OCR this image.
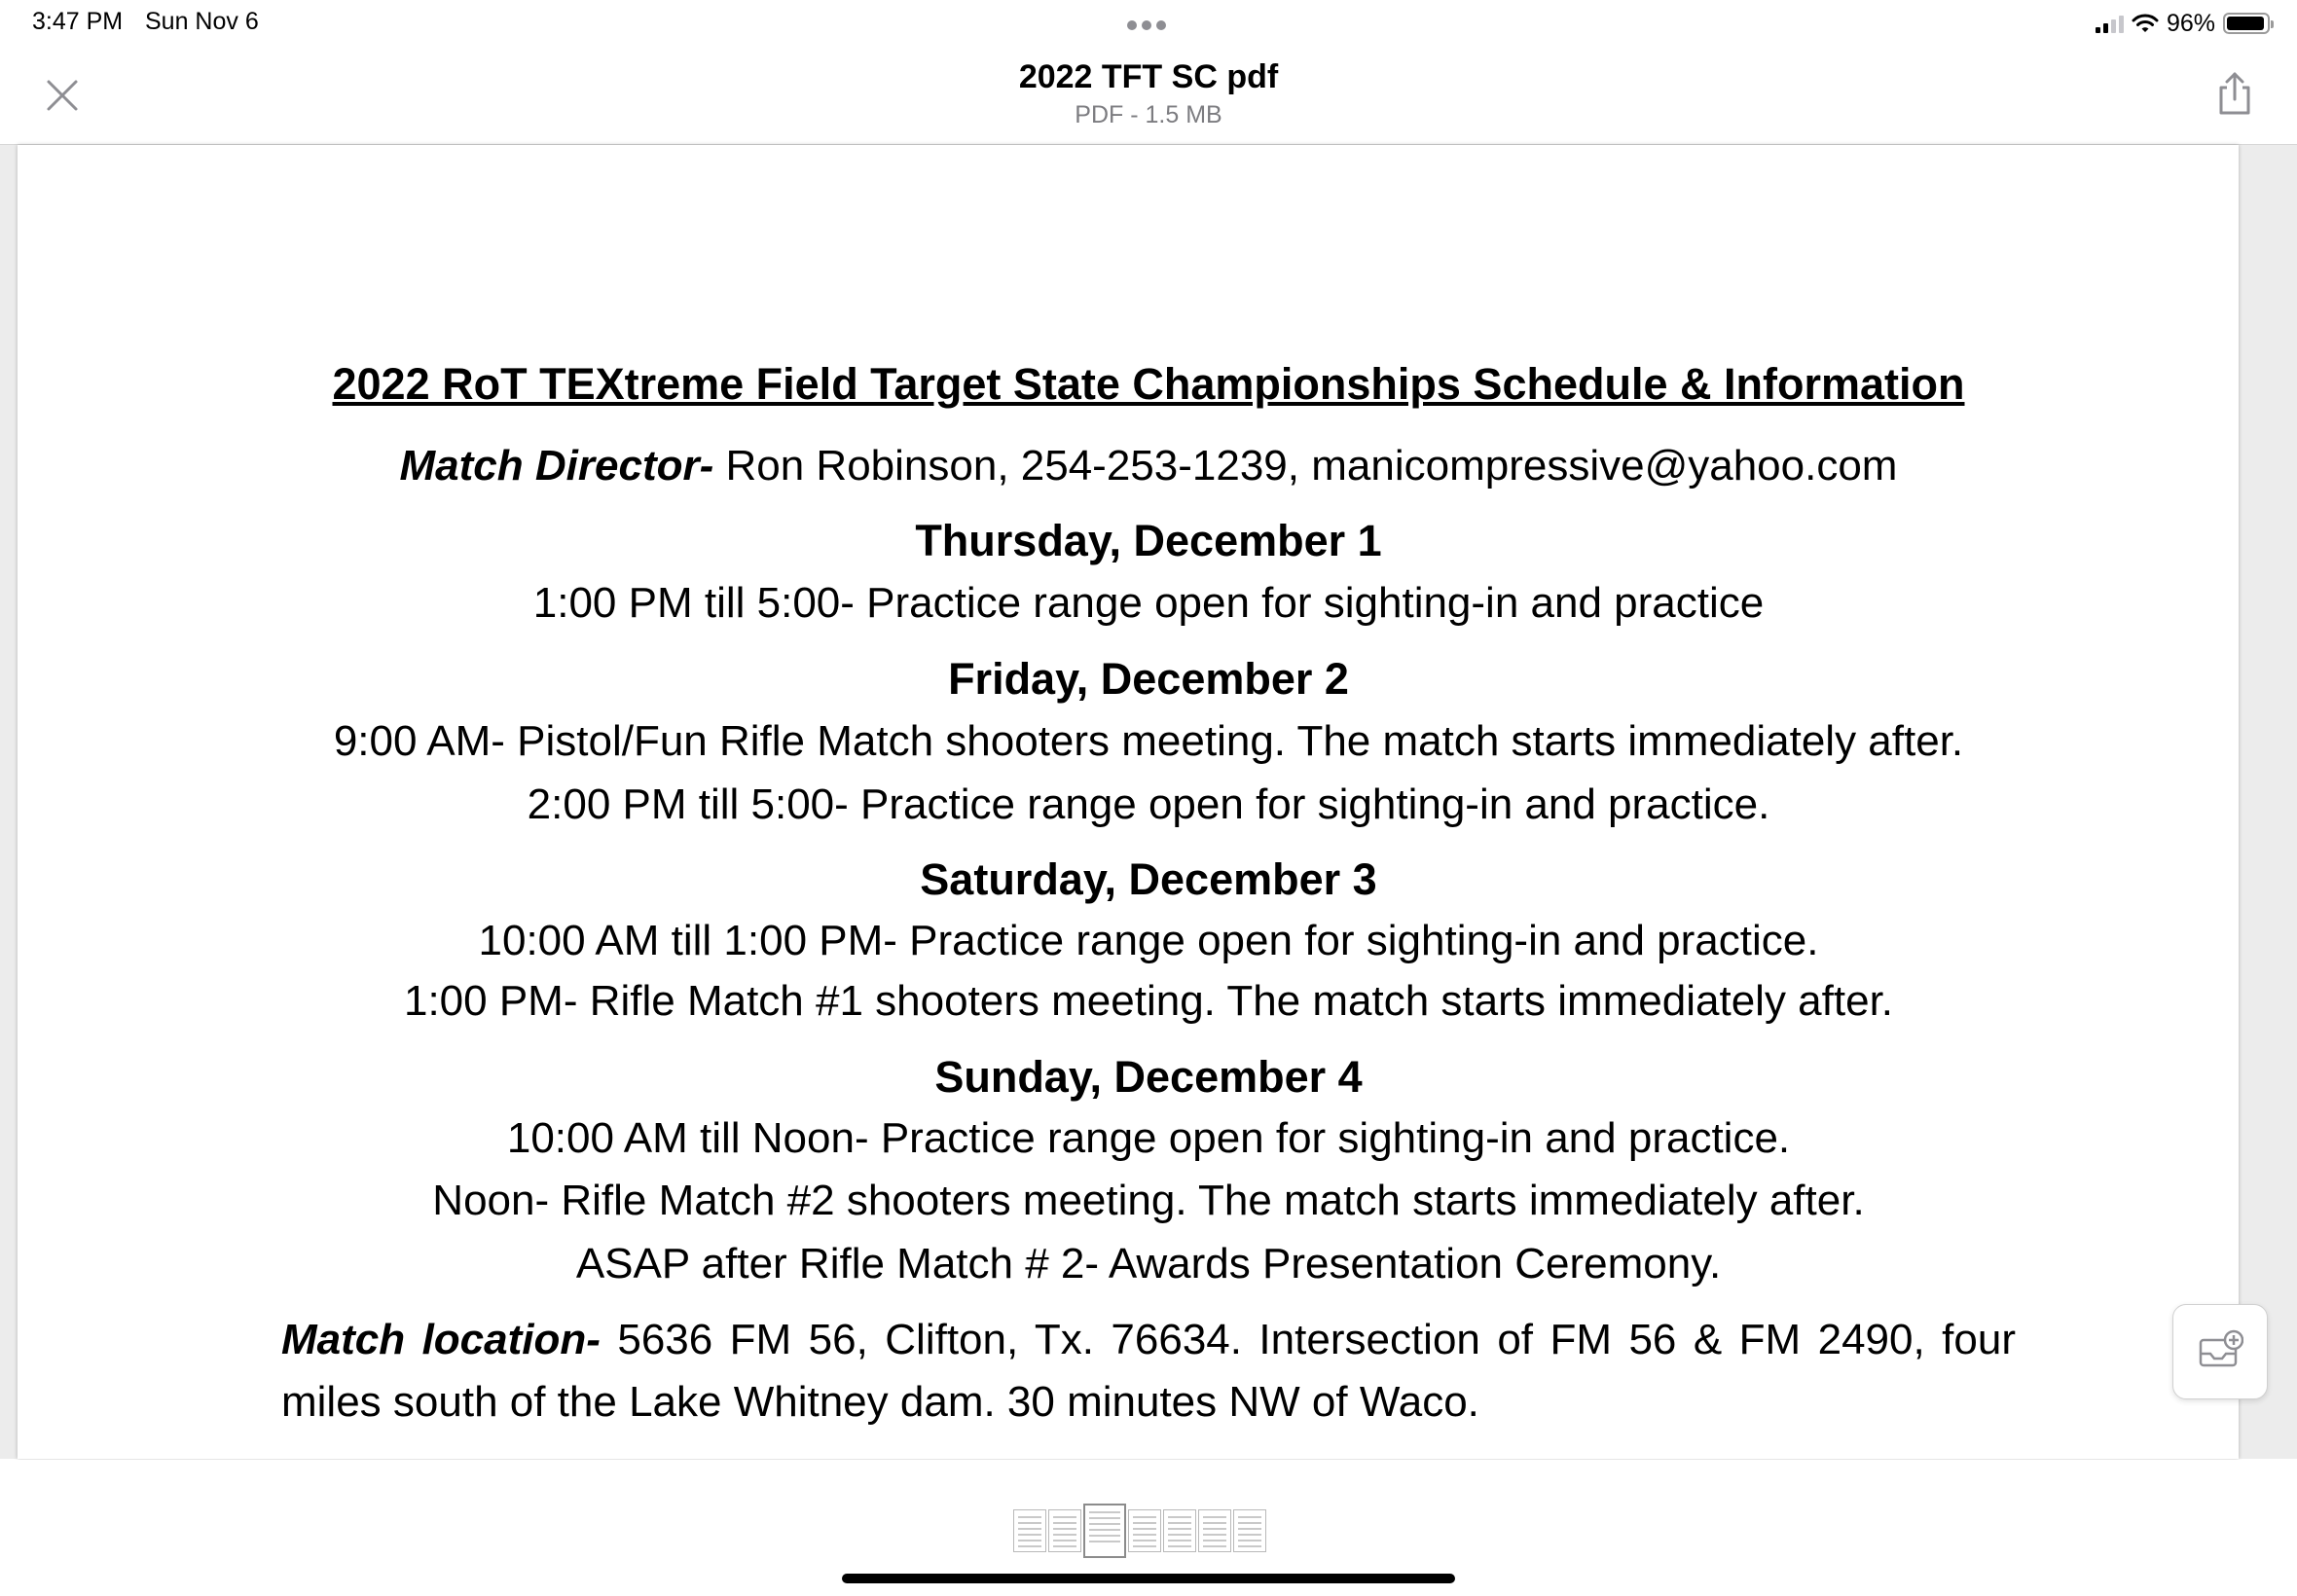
3:47 PM Sun Nov 6	96%
2022 TFT SC pdf
PDF - 1.5 MB
2022 RoT TEXtreme Field Target State Championships Schedule & Information
Match Director- Ron Robinson, 254-253-1239, manicompressive@yahoo.com
Thursday, December 1
1:00 PM till 5:00- Practice range open for sighting-in and practice
Friday, December 2
9:00 AM- Pistol/Fun Rifle Match shooters meeting. The match starts immediately after.
2:00 PM till 5:00- Practice range open for sighting-in and practice.
Saturday, December 3
10:00 AM till 1:00 PM- Practice range open for sighting-in and practice.
1:00 PM- Rifle Match #1 shooters meeting. The match starts immediately after.
Sunday, December 4
10:00 AM till Noon- Practice range open for sighting-in and practice.
Noon- Rifle Match #2 shooters meeting. The match starts immediately after.
ASAP after Rifle Match # 2- Awards Presentation Ceremony.
Match location- 5636 FM 56, Clifton, Tx. 76634. Intersection of FM 56 & FM 2490, four miles south of the Lake Whitney dam. 30 minutes NW of Waco.
